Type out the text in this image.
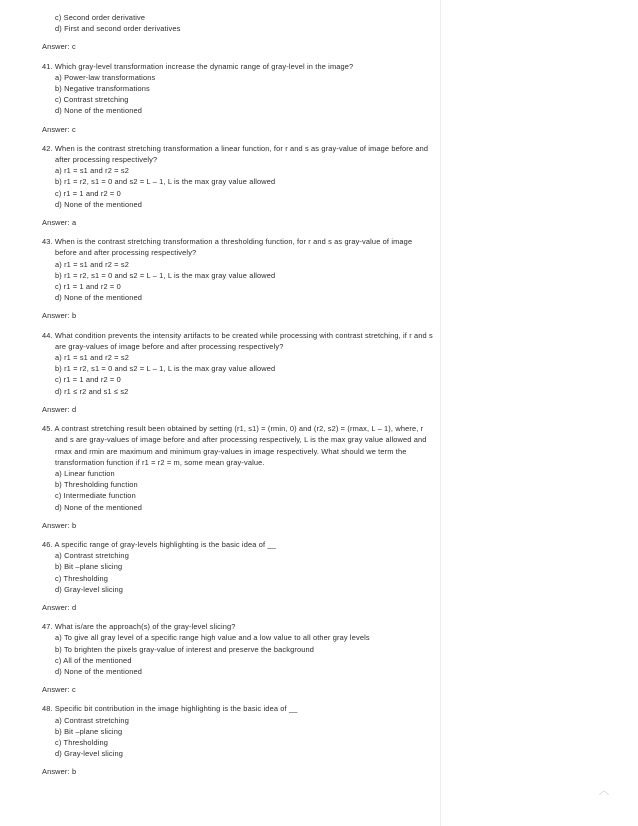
c) Second order derivative
d) First and second order derivatives
Answer: c
41. Which gray-level transformation increase the dynamic range of gray-level in the image?
a) Power-law transformations
b) Negative transformations
c) Contrast stretching
d) None of the mentioned
Answer: c
42. When is the contrast stretching transformation a linear function, for r and s as gray-value of image before and after processing respectively?
a) r1 = s1 and r2 = s2
b) r1 = r2, s1 = 0 and s2 = L – 1, L is the max gray value allowed
c) r1 = 1 and r2 = 0
d) None of the mentioned
Answer: a
43. When is the contrast stretching transformation a thresholding function, for r and s as gray-value of image before and after processing respectively?
a) r1 = s1 and r2 = s2
b) r1 = r2, s1 = 0 and s2 = L – 1, L is the max gray value allowed
c) r1 = 1 and r2 = 0
d) None of the mentioned
Answer: b
44. What condition prevents the intensity artifacts to be created while processing with contrast stretching, if r and s are gray-values of image before and after processing respectively?
a) r1 = s1 and r2 = s2
b) r1 = r2, s1 = 0 and s2 = L – 1, L is the max gray value allowed
c) r1 = 1 and r2 = 0
d) r1 ≤ r2 and s1 ≤ s2
Answer: d
45. A contrast stretching result been obtained by setting (r1, s1) = (rmin, 0) and (r2, s2) = (rmax, L – 1), where, r and s are gray-values of image before and after processing respectively, L is the max gray value allowed and rmax and rmin are maximum and minimum gray-values in image respectively. What should we term the transformation function if r1 = r2 = m, some mean gray-value.
a) Linear function
b) Thresholding function
c) Intermediate function
d) None of the mentioned
Answer: b
46. A specific range of gray-levels highlighting is the basic idea of __
a) Contrast stretching
b) Bit –plane slicing
c) Thresholding
d) Gray-level slicing
Answer: d
47. What is/are the approach(s) of the gray-level slicing?
a) To give all gray level of a specific range high value and a low value to all other gray levels
b) To brighten the pixels gray-value of interest and preserve the background
c) All of the mentioned
d) None of the mentioned
Answer: c
48. Specific bit contribution in the image highlighting is the basic idea of __
a) Contrast stretching
b) Bit –plane slicing
c) Thresholding
d) Gray-level slicing
Answer: b
︿
